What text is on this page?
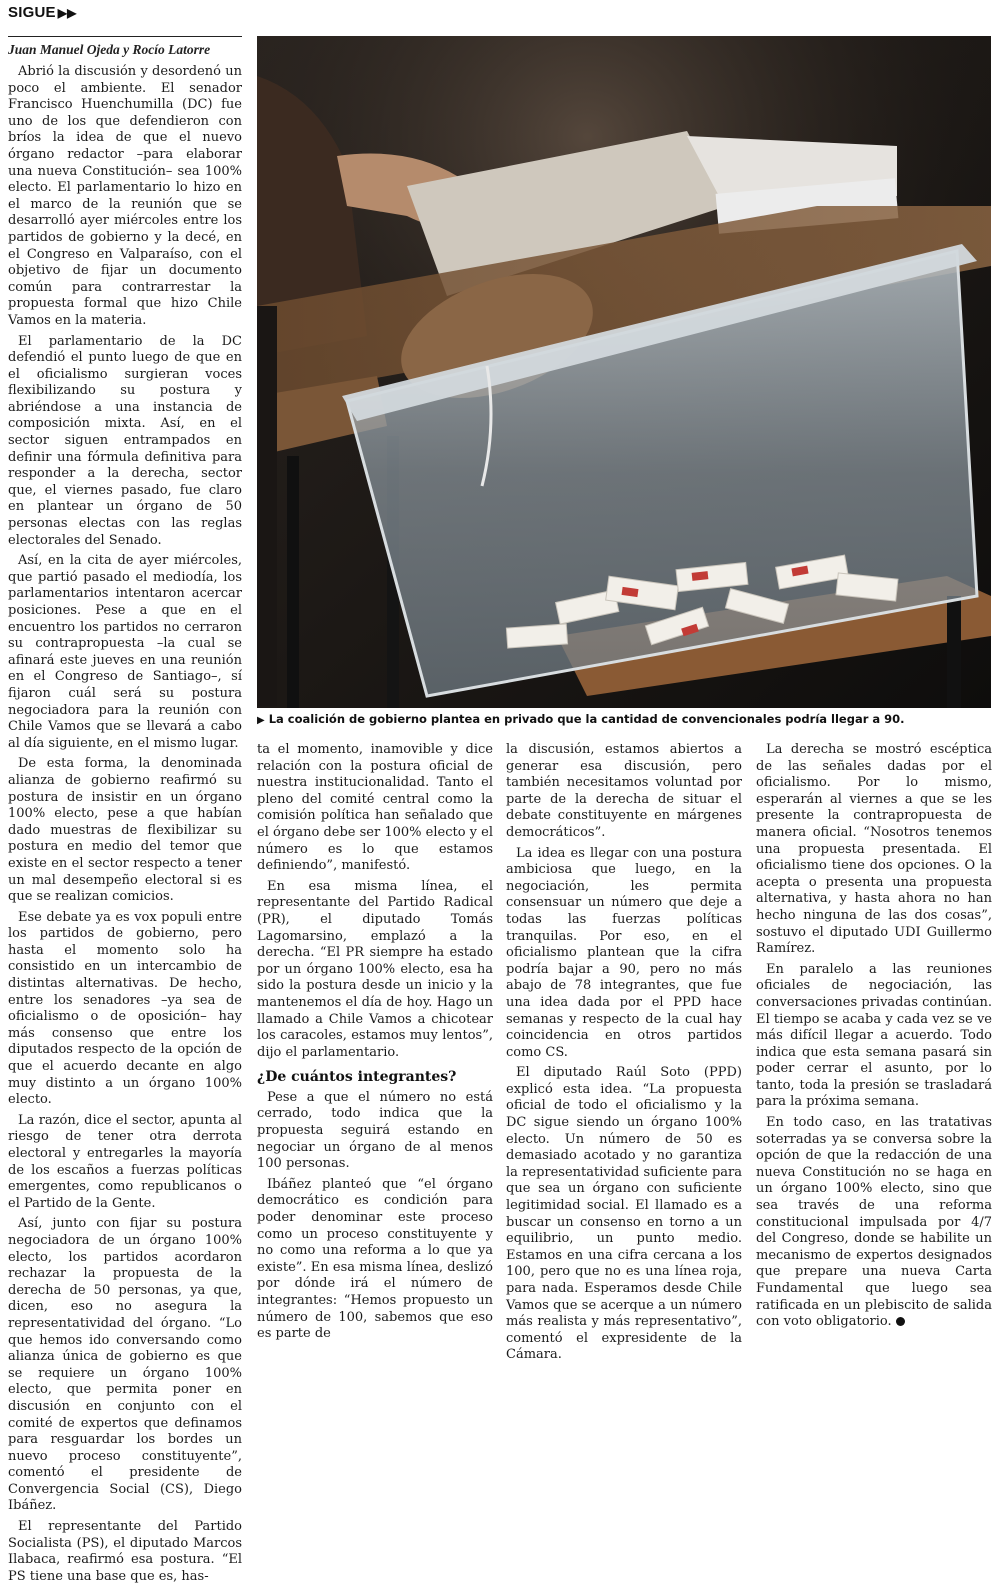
SIGUE ▶▶
Juan Manuel Ojeda y Rocío Latorre

Abrió la discusión y desordenó un poco el ambiente. El senador Francisco Huenchumilla (DC) fue uno de los que defendieron con bríos la idea de que el nuevo órgano redactor –para elaborar una nueva Constitución– sea 100% electo. El parlamentario lo hizo en el marco de la reunión que se desarrolló ayer miércoles entre los partidos de gobierno y la decé, en el Congreso en Valparaíso, con el objetivo de fijar un documento común para contrarrestar la propuesta formal que hizo Chile Vamos en la materia.

El parlamentario de la DC defendió el punto luego de que en el oficialismo surgieran voces flexibilizando su postura y abriéndose a una instancia de composición mixta. Así, en el sector siguen entrampados en definir una fórmula definitiva para responder a la derecha, sector que, el viernes pasado, fue claro en plantear un órgano de 50 personas electas con las reglas electorales del Senado.

Así, en la cita de ayer miércoles, que partió pasado el mediodía, los parlamentarios intentaron acercar posiciones. Pese a que en el encuentro los partidos no cerraron su contrapropuesta –la cual se afinará este jueves en una reunión en el Congreso de Santiago–, sí fijaron cuál será su postura negociadora para la reunión con Chile Vamos que se llevará a cabo al día siguiente, en el mismo lugar.

De esta forma, la denominada alianza de gobierno reafirmó su postura de insistir en un órgano 100% electo, pese a que habían dado muestras de flexibilizar su postura en medio del temor que existe en el sector respecto a tener un mal desempeño electoral si es que se realizan comicios.

Ese debate ya es vox populi entre los partidos de gobierno, pero hasta el momento solo ha consistido en un intercambio de distintas alternativas. De hecho, entre los senadores –ya sea de oficialismo o de oposición– hay más consenso que entre los diputados respecto de la opción de que el acuerdo decante en algo muy distinto a un órgano 100% electo.

La razón, dice el sector, apunta al riesgo de tener otra derrota electoral y entregarles la mayoría de los escaños a fuerzas políticas emergentes, como republicanos o el Partido de la Gente.

Así, junto con fijar su postura negociadora de un órgano 100% electo, los partidos acordaron rechazar la propuesta de la derecha de 50 personas, ya que, dicen, eso no asegura la representatividad del órgano. “Lo que hemos ido conversando como alianza única de gobierno es que se requiere un órgano 100% electo, que permita poner en discusión en conjunto con el comité de expertos que definamos para resguardar los bordes un nuevo proceso constituyente”, comentó el presidente de Convergencia Social (CS), Diego Ibáñez.

El representante del Partido Socialista (PS), el diputado Marcos Ilabaca, reafirmó esa postura. “El PS tiene una base que es, has-

▶ La coalición de gobierno plantea en privado que la cantidad de convencionales podría llegar a 90.

ta el momento, inamovible y dice relación con la postura oficial de nuestra institucionalidad. Tanto el pleno del comité central como la comisión política han señalado que el órgano debe ser 100% electo y el número es lo que estamos definiendo”, manifestó.

En esa misma línea, el representante del Partido Radical (PR), el diputado Tomás Lagomarsino, emplazó a la derecha. “El PR siempre ha estado por un órgano 100% electo, esa ha sido la postura desde un inicio y la mantenemos el día de hoy. Hago un llamado a Chile Vamos a chicotear los caracoles, estamos muy lentos”, dijo el parlamentario.

¿De cuántos integrantes?

Pese a que el número no está cerrado, todo indica que la propuesta seguirá estando en negociar un órgano de al menos 100 personas.

Ibáñez planteó que “el órgano democrático es condición para poder denominar este proceso como un proceso constituyente y no como una reforma a lo que ya existe”. En esa misma línea, deslizó por dónde irá el número de integrantes: “Hemos propuesto un número de 100, sabemos que eso es parte de

la discusión, estamos abiertos a generar esa discusión, pero también necesitamos voluntad por parte de la derecha de situar el debate constituyente en márgenes democráticos”.

La idea es llegar con una postura ambiciosa que luego, en la negociación, les permita consensuar un número que deje a todas las fuerzas políticas tranquilas. Por eso, en el oficialismo plantean que la cifra podría bajar a 90, pero no más abajo de 78 integrantes, que fue una idea dada por el PPD hace semanas y respecto de la cual hay coincidencia en otros partidos como CS.

El diputado Raúl Soto (PPD) explicó esta idea. “La propuesta oficial de todo el oficialismo y la DC sigue siendo un órgano 100% electo. Un número de 50 es demasiado acotado y no garantiza la representatividad suficiente para que sea un órgano con suficiente legitimidad social. El llamado es a buscar un consenso en torno a un equilibrio, un punto medio. Estamos en una cifra cercana a los 100, pero que no es una línea roja, para nada. Esperamos desde Chile Vamos que se acerque a un número más realista y más representativo”, comentó el expresidente de la Cámara.

La derecha se mostró escéptica de las señales dadas por el oficialismo. Por lo mismo, esperarán al viernes a que se les presente la contrapropuesta de manera oficial. “Nosotros tenemos una propuesta presentada. El oficialismo tiene dos opciones. O la acepta o presenta una propuesta alternativa, y hasta ahora no han hecho ninguna de las dos cosas”, sostuvo el diputado UDI Guillermo Ramírez.

En paralelo a las reuniones oficiales de negociación, las conversaciones privadas continúan. El tiempo se acaba y cada vez se ve más difícil llegar a acuerdo. Todo indica que esta semana pasará sin poder cerrar el asunto, por lo tanto, toda la presión se trasladará para la próxima semana.

En todo caso, en las tratativas soterradas ya se conversa sobre la opción de que la redacción de una nueva Constitución no se haga en un órgano 100% electo, sino que sea través de una reforma constitucional impulsada por 4/7 del Congreso, donde se habilite un mecanismo de expertos designados que prepare una nueva Carta Fundamental que luego sea ratificada en un plebiscito de salida con voto obligatorio.
